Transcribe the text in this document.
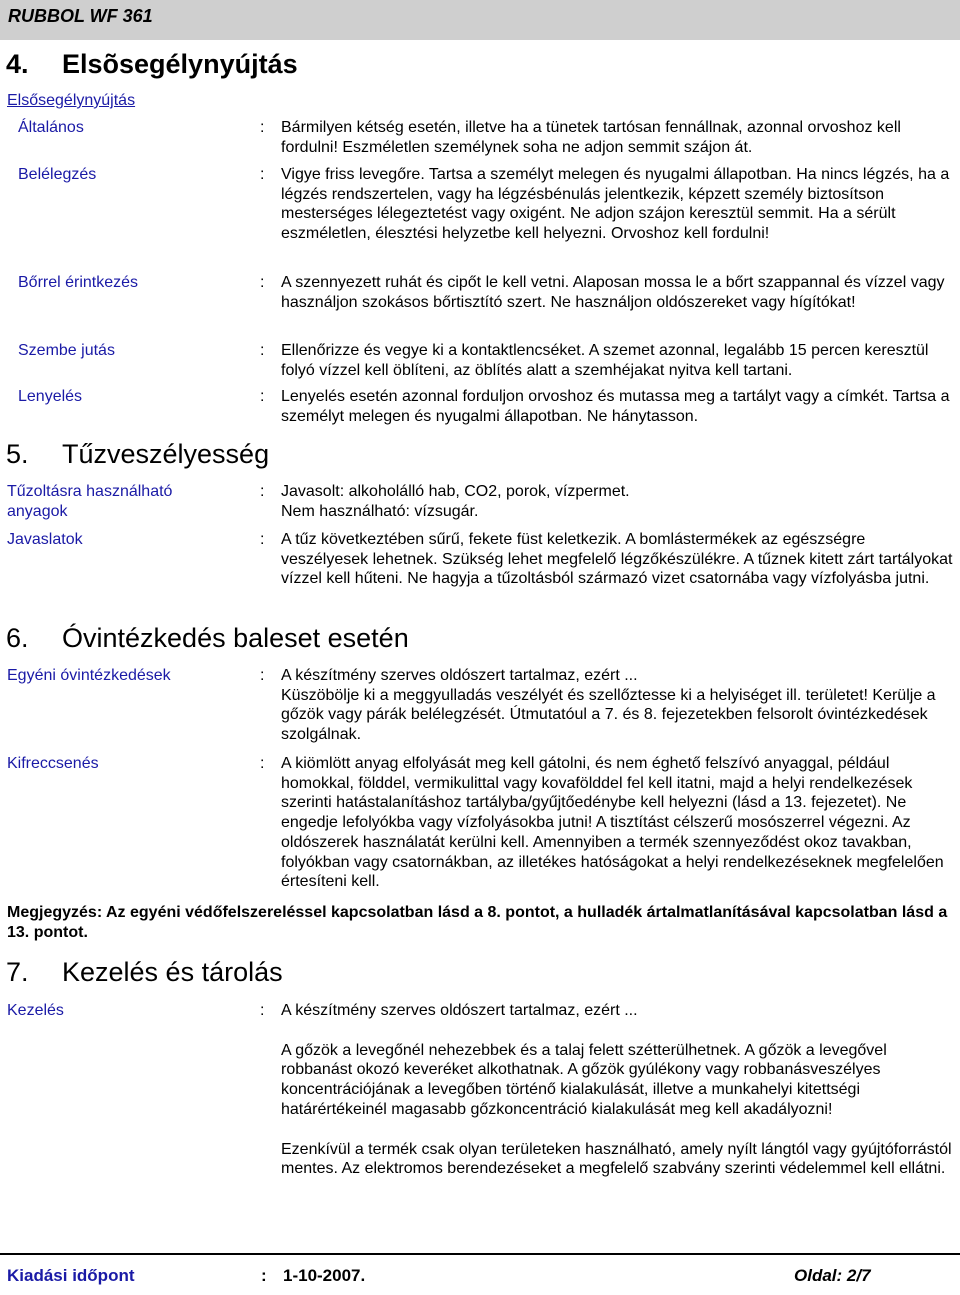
RUBBOL WF 361
4. Elsõsegélynyújtás
Elsősegélynyújtás
Általános	: Bármilyen kétség esetén, illetve ha a tünetek tartósan fennállnak, azonnal orvoshoz kell fordulni! Eszméletlen személynek soha ne adjon semmit szájon át.
Belélegzés	: Vigye friss levegőre. Tartsa a személyt melegen és nyugalmi állapotban. Ha nincs légzés, ha a légzés rendszertelen, vagy ha légzésbénulás jelentkezik, képzett személy biztosítson mesterséges lélegeztetést vagy oxigént. Ne adjon szájon keresztül semmit. Ha a sérült eszméletlen, élesztési helyzetbe kell helyezni. Orvoshoz kell fordulni!
Bőrrel érintkezés	: A szennyezett ruhát és cipőt le kell vetni. Alaposan mossa le a bőrt szappannal és vízzel vagy használjon szokásos bőrtisztító szert. Ne használjon oldószereket vagy hígítókat!
Szembe jutás	: Ellenőrizze és vegye ki a kontaktlencséket. A szemet azonnal, legalább 15 percen keresztül folyó vízzel kell öblíteni, az öblítés alatt a szemhéjakat nyitva kell tartani.
Lenyelés	: Lenyelés esetén azonnal forduljon orvoshoz és mutassa meg a tartályt vagy a címkét. Tartsa a személyt melegen és nyugalmi állapotban. Ne hánytasson.
5. Tűzveszélyesség
Tűzoltásra használható anyagok
: Javasolt: alkoholálló hab, CO2, porok, vízpermet.

Nem használható: vízsugár.

Javaslatok	: A tűz következtében sűrű, fekete füst keletkezik. A bomlástermékek az egészségre veszélyesek lehetnek. Szükség lehet megfelelő légzőkészülékre. A tűznek kitett zárt tartályokat vízzel kell hűteni. Ne hagyja a tűzoltásból származó vizet csatornába vagy vízfolyásba jutni.
6. Óvintézkedés baleset esetén
Egyéni óvintézkedések	: A készítmény szerves oldószert tartalmaz, ezért ...

Küszöbölje ki a meggyulladás veszélyét és szellőztesse ki a helyiséget ill. területet! Kerülje a gőzök vagy párák belélegzését. Útmutatóul a 7. és 8. fejezetekben felsorolt óvintézkedések szolgálnak.

Kifreccsenés	: A kiömlött anyag elfolyását meg kell gátolni, és nem éghető felszívó anyaggal, például homokkal, földdel, vermikulittal vagy kovafölddel fel kell itatni, majd a helyi rendelkezések szerinti hatástalanításhoz tartályba/gyűjtőedénybe kell helyezni (lásd a 13. fejezetet). Ne engedje lefolyókba vagy vízfolyásokba jutni! A tisztítást célszerű mosószerrel végezni. Az oldószerek használatát kerülni kell. Amennyiben a termék szennyeződést okoz tavakban, folyókban vagy csatornákban, az illetékes hatóságokat a helyi rendelkezéseknek megfelelően értesíteni kell.
Megjegyzés: Az egyéni védőfelszereléssel kapcsolatban lásd a 8. pontot, a hulladék ártalmatlanításával kapcsolatban lásd a 13. pontot.
7. Kezelés és tárolás
Kezelés	: A készítmény szerves oldószert tartalmaz, ezért ...

A gőzök a levegőnél nehezebbek és a talaj felett szétterülhetnek. A gőzök a levegővel robbanást okozó keveréket alkothatnak. A gőzök gyúlékony vagy robbanásveszélyes koncentrációjának a levegőben történő kialakulását, illetve a munkahelyi kitettségi határértékeinél magasabb gőzkoncentráció kialakulását meg kell akadályozni!

Ezenkívül a termék csak olyan területeken használható, amely nyílt lángtól vagy gyújtóforrástól mentes. Az elektromos berendezéseket a megfelelő szabvány szerinti védelemmel kell ellátni.

Kiadási időpont	: 1-10-2007.	Oldal: 2/7
